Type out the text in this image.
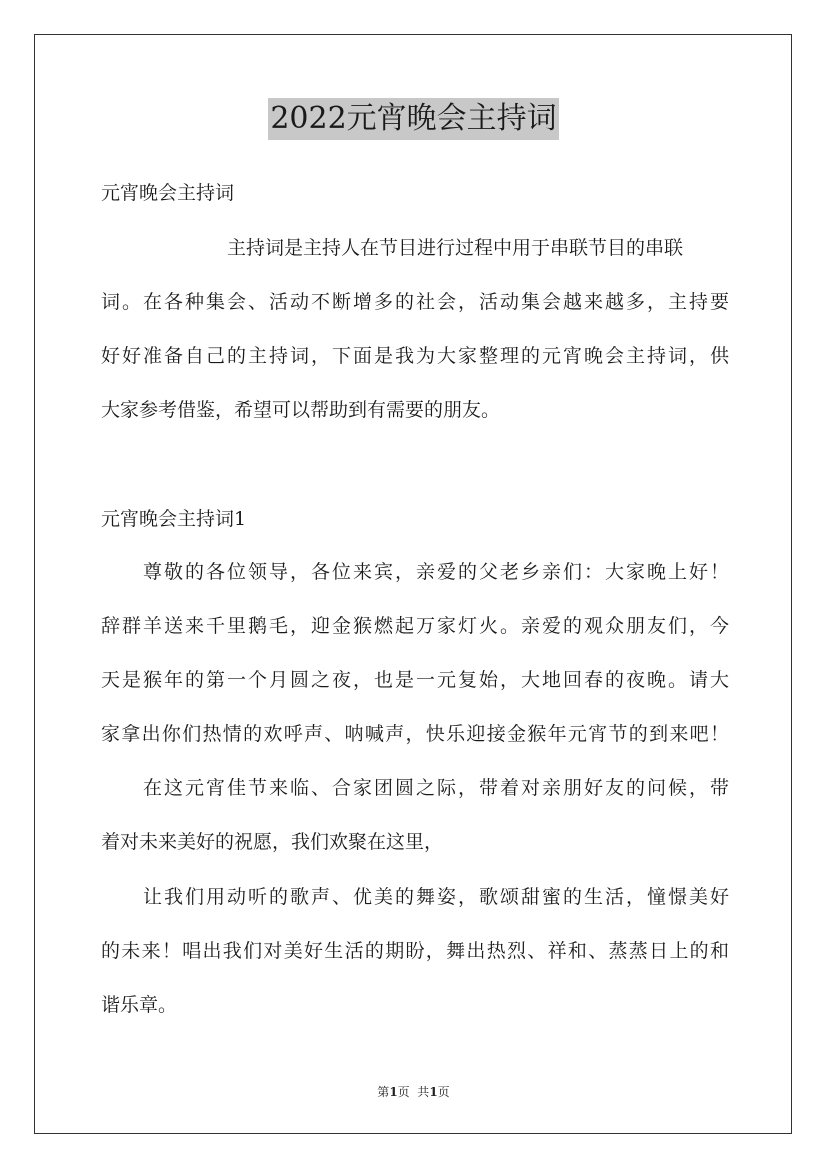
2022元宵晚会主持词
元宵晚会主持词
主持词是主持人在节目进行过程中用于串联节目的串联
词。在各种集会、活动不断增多的社会，活动集会越来越多，主持要
好好准备自己的主持词，下面是我为大家整理的元宵晚会主持词，供
大家参考借鉴，希望可以帮助到有需要的朋友。
元宵晚会主持词1
尊敬的各位领导，各位来宾，亲爱的父老乡亲们：大家晚上好！
辞群羊送来千里鹅毛，迎金猴燃起万家灯火。亲爱的观众朋友们，今
天是猴年的第一个月圆之夜，也是一元复始，大地回春的夜晚。请大
家拿出你们热情的欢呼声、呐喊声，快乐迎接金猴年元宵节的到来吧！
在这元宵佳节来临、合家团圆之际，带着对亲朋好友的问候，带
着对未来美好的祝愿，我们欢聚在这里，
让我们用动听的歌声、优美的舞姿，歌颂甜蜜的生活，憧憬美好
的未来！唱出我们对美好生活的期盼，舞出热烈、祥和、蒸蒸日上的和
谐乐章。
第1页  共1页
